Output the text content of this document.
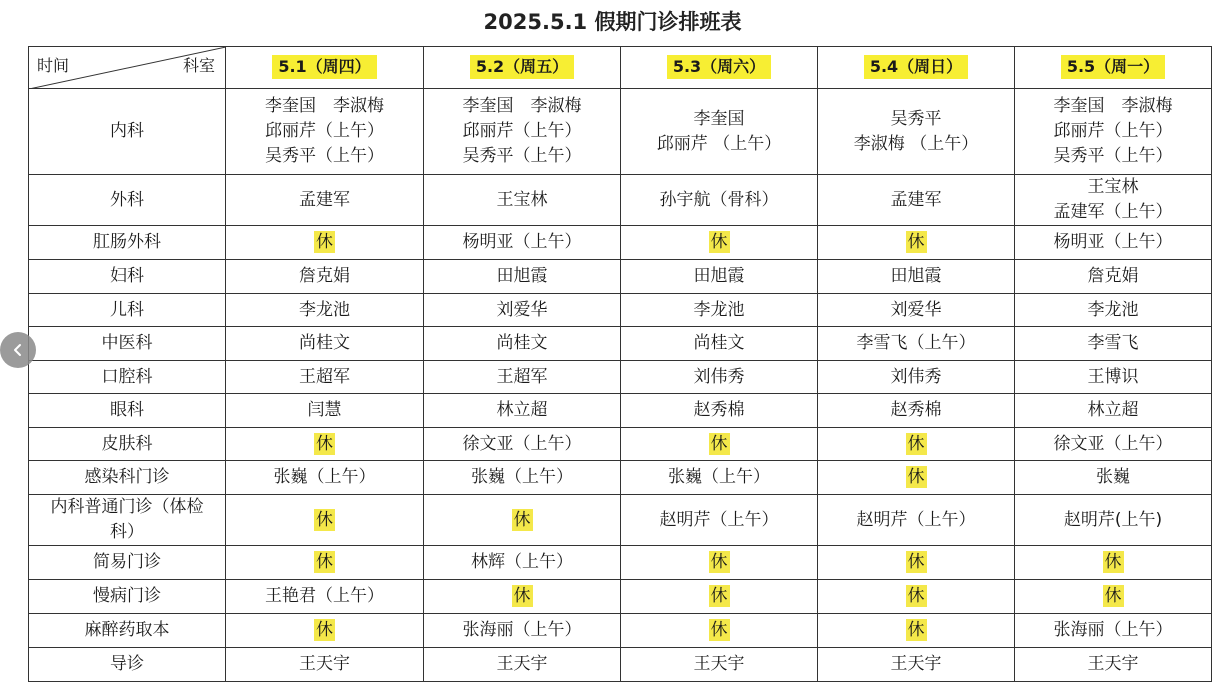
2025.5.1 假期门诊排班表
时间 科室	5.1（周四）	5.2（周五）	5.3（周六）	5.4（周日）	5.5（周一）

内科	李奎国　李淑梅
邱丽芹（上午）
吴秀平（上午）	李奎国　李淑梅
邱丽芹（上午）
吴秀平（上午）	李奎国
邱丽芹 （上午）	吴秀平
李淑梅 （上午）	李奎国　李淑梅
邱丽芹（上午）
吴秀平（上午）

外科	孟建军	王宝林	孙宇航（骨科）	孟建军	王宝林
孟建军（上午）

肛肠外科	休	杨明亚（上午）	休	休	杨明亚（上午）

妇科	詹克娟	田旭霞	田旭霞	田旭霞	詹克娟

儿科	李龙池	刘爱华	李龙池	刘爱华	李龙池

中医科	尚桂文	尚桂文	尚桂文	李雪飞（上午）	李雪飞

口腔科	王超军	王超军	刘伟秀	刘伟秀	王博识

眼科	闫慧	林立超	赵秀棉	赵秀棉	林立超

皮肤科	休	徐文亚（上午）	休	休	徐文亚（上午）

感染科门诊	张巍（上午）	张巍（上午）	张巍（上午）	休	张巍

内科普通门诊（体检
科）	休	休	赵明芹（上午）	赵明芹（上午）	赵明芹(上午)

简易门诊	休	林辉（上午）	休	休	休

慢病门诊	王艳君（上午）	休	休	休	休

麻醉药取本	休	张海丽（上午）	休	休	张海丽（上午）

导诊	王天宇	王天宇	王天宇	王天宇	王天宇
